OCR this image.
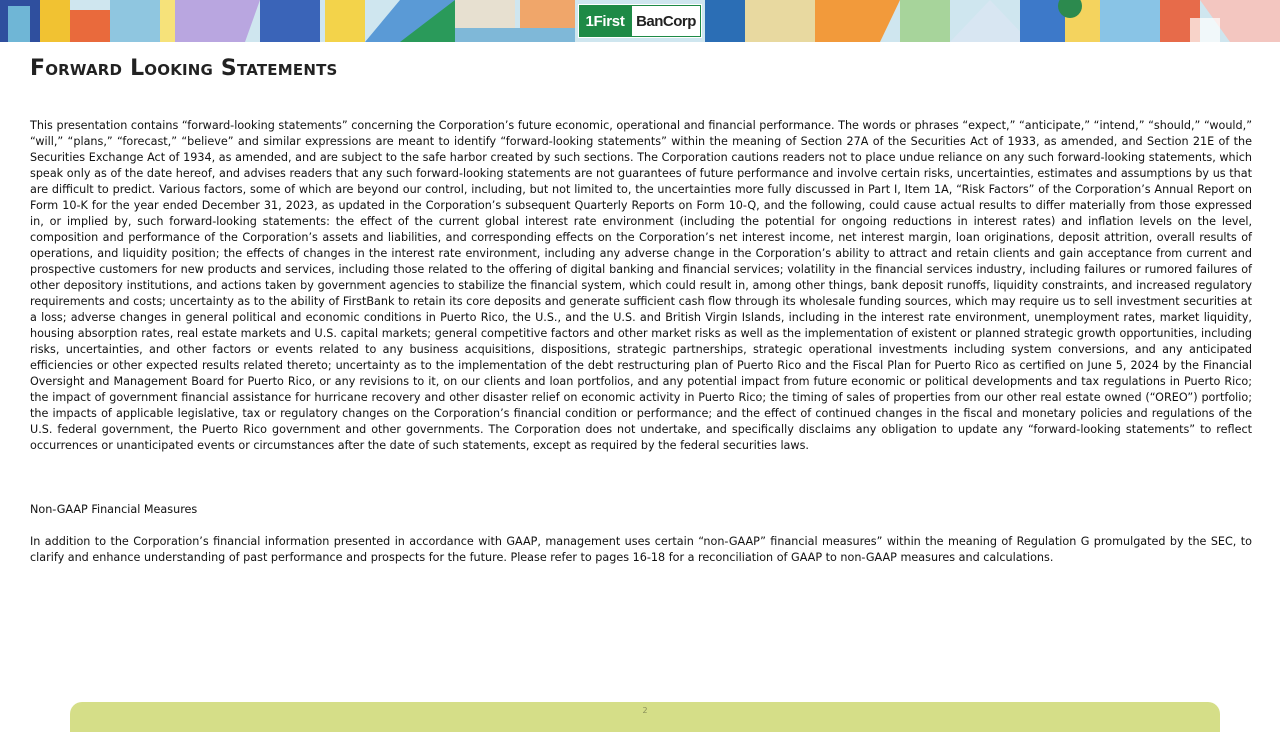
1First BanCorp
Forward Looking Statements

This presentation contains “forward-looking statements” concerning the Corporation’s future economic, operational and financial performance. The words or phrases “expect,” “anticipate,” “intend,” “should,” “would,” “will,” “plans,” “forecast,” “believe” and similar expressions are meant to identify “forward-looking statements” within the meaning of Section 27A of the Securities Act of 1933, as amended, and Section 21E of the Securities Exchange Act of 1934, as amended, and are subject to the safe harbor created by such sections. The Corporation cautions readers not to place undue reliance on any such forward-looking statements, which speak only as of the date hereof, and advises readers that any such forward-looking statements are not guarantees of future performance and involve certain risks, uncertainties, estimates and assumptions by us that are difficult to predict. Various factors, some of which are beyond our control, including, but not limited to, the uncertainties more fully discussed in Part I, Item 1A, “Risk Factors” of the Corporation’s Annual Report on Form 10-K for the year ended December 31, 2023, as updated in the Corporation’s subsequent Quarterly Reports on Form 10-Q, and the following, could cause actual results to differ materially from those expressed in, or implied by, such forward-looking statements: the effect of the current global interest rate environment (including the potential for ongoing reductions in interest rates) and inflation levels on the level, composition and performance of the Corporation’s assets and liabilities, and corresponding effects on the Corporation’s net interest income, net interest margin, loan originations, deposit attrition, overall results of operations, and liquidity position; the effects of changes in the interest rate environment, including any adverse change in the Corporation’s ability to attract and retain clients and gain acceptance from current and prospective customers for new products and services, including those related to the offering of digital banking and financial services; volatility in the financial services industry, including failures or rumored failures of other depository institutions, and actions taken by government agencies to stabilize the financial system, which could result in, among other things, bank deposit runoffs, liquidity constraints, and increased regulatory requirements and costs; uncertainty as to the ability of FirstBank to retain its core deposits and generate sufficient cash flow through its wholesale funding sources, which may require us to sell investment securities at a loss; adverse changes in general political and economic conditions in Puerto Rico, the U.S., and the U.S. and British Virgin Islands, including in the interest rate environment, unemployment rates, market liquidity, housing absorption rates, real estate markets and U.S. capital markets; general competitive factors and other market risks as well as the implementation of existent or planned strategic growth opportunities, including risks, uncertainties, and other factors or events related to any business acquisitions, dispositions, strategic partnerships, strategic operational investments including system conversions, and any anticipated efficiencies or other expected results related thereto; uncertainty as to the implementation of the debt restructuring plan of Puerto Rico and the Fiscal Plan for Puerto Rico as certified on June 5, 2024 by the Financial Oversight and Management Board for Puerto Rico, or any revisions to it, on our clients and loan portfolios, and any potential impact from future economic or political developments and tax regulations in Puerto Rico; the impact of government financial assistance for hurricane recovery and other disaster relief on economic activity in Puerto Rico; the timing of sales of properties from our other real estate owned (“OREO”) portfolio; the impacts of applicable legislative, tax or regulatory changes on the Corporation’s financial condition or performance; and the effect of continued changes in the fiscal and monetary policies and regulations of the U.S. federal government, the Puerto Rico government and other governments. The Corporation does not undertake, and specifically disclaims any obligation to update any “forward-looking statements” to reflect occurrences or unanticipated events or circumstances after the date of such statements, except as required by the federal securities laws.

Non-GAAP Financial Measures

In addition to the Corporation’s financial information presented in accordance with GAAP, management uses certain “non-GAAP” financial measures” within the meaning of Regulation G promulgated by the SEC, to clarify and enhance understanding of past performance and prospects for the future. Please refer to pages 16-18 for a reconciliation of GAAP to non-GAAP measures and calculations.

2
